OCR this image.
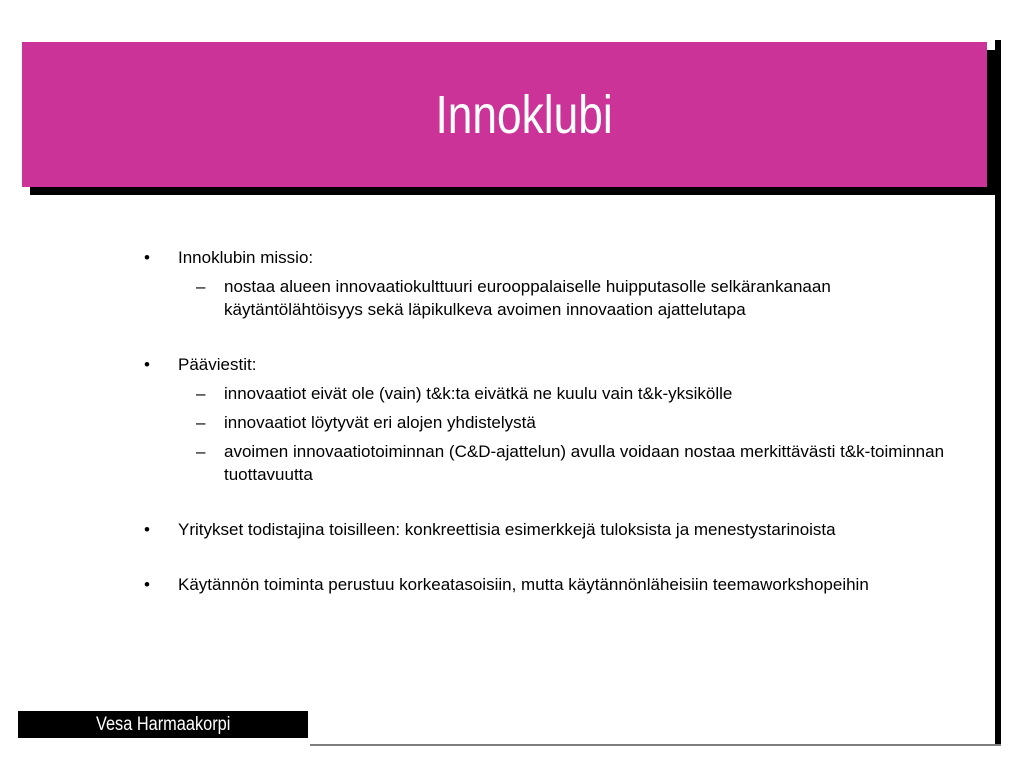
Innoklubi
• Innoklubin missio:
– nostaa alueen innovaatiokulttuuri eurooppalaiselle huipputasolle selkärankanaan käytäntölähtöisyys sekä läpikulkeva avoimen innovaation ajattelutapa
• Pääviestit:
– innovaatiot eivät ole (vain) t&k:ta eivätkä ne kuulu vain t&k-yksikölle
– innovaatiot löytyvät eri alojen yhdistelystä
– avoimen innovaatiotoiminnan (C&D-ajattelun) avulla voidaan nostaa merkittävästi t&k-toiminnan tuottavuutta
• Yritykset todistajina toisilleen: konkreettisia esimerkkejä tuloksista ja menestystarinoista
• Käytännön toiminta perustuu korkeatasoisiin, mutta käytännönläheisiin teemaworkshopeihin
Vesa Harmaakorpi
